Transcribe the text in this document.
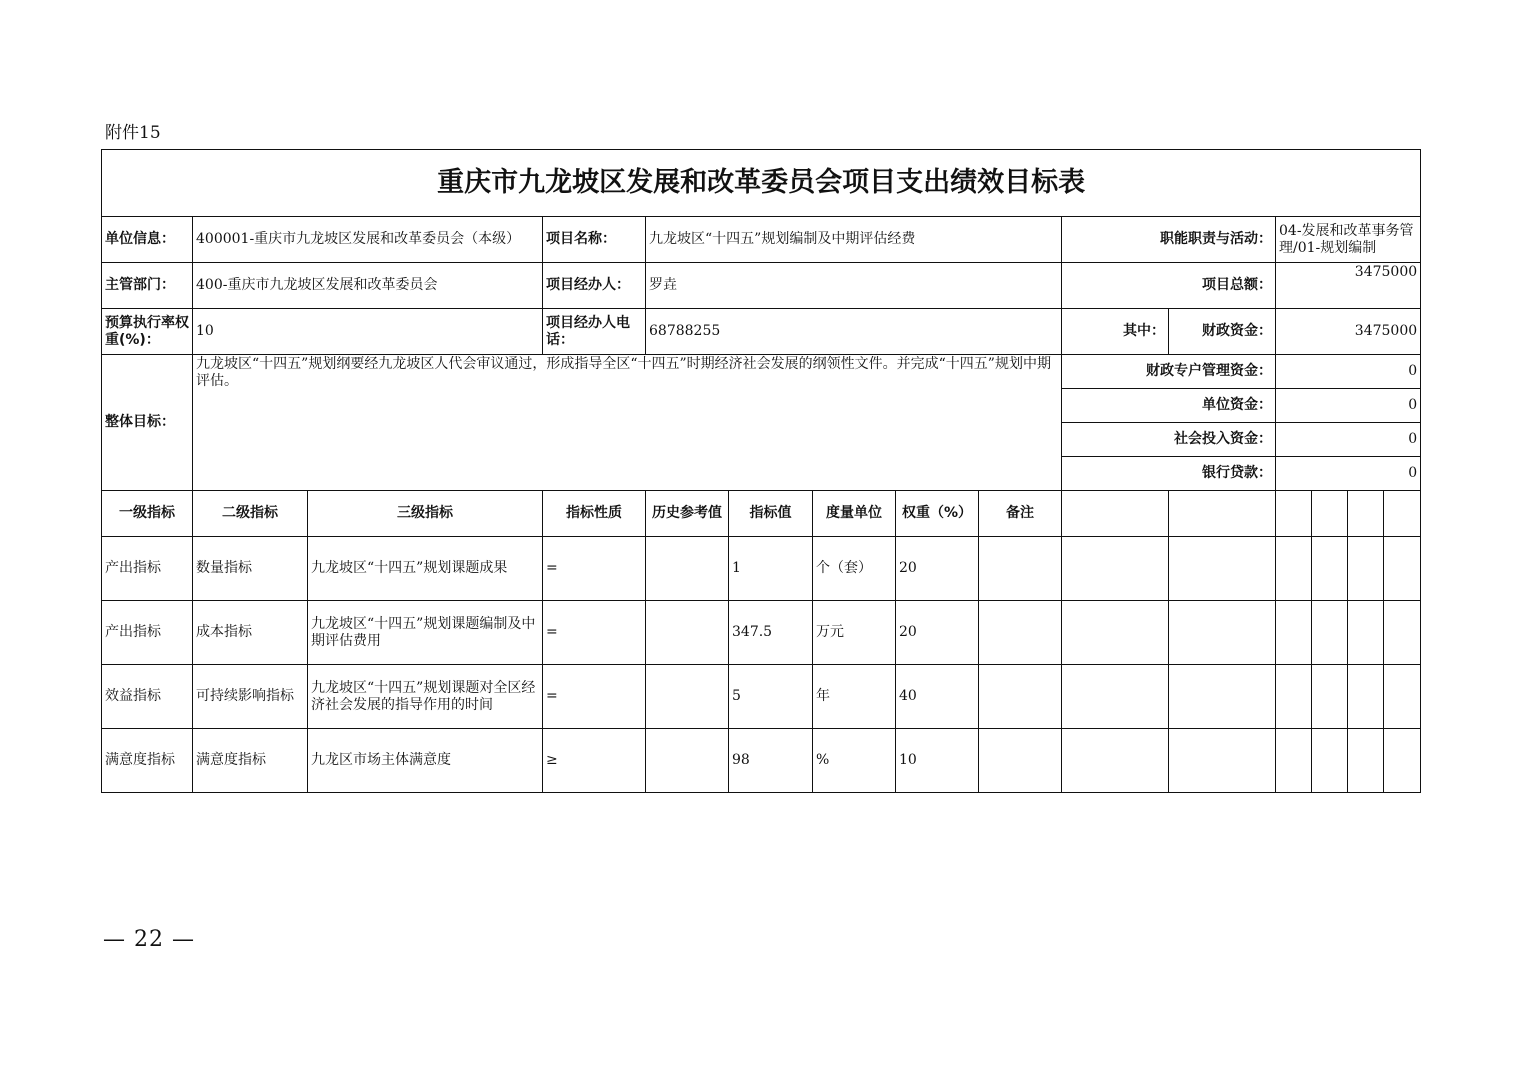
附件15
重庆市九龙坡区发展和改革委员会项目支出绩效目标表														
单位信息：	400001-重庆市九龙坡区发展和改革委员会（本级）		项目名称：	九龙坡区“十四五”规划编制及中期评估经费					职能职责与活动：		04-发展和改革事务管理/01-规划编制			
主管部门：	400-重庆市九龙坡区发展和改革委员会		项目经办人：	罗垚					项目总额：		3475000			
预算执行率权重(%)：	10		项目经办人电话：	68788255					其中：	财政资金：	3475000			
整体目标：	九龙坡区“十四五”规划纲要经九龙坡区人代会审议通过，形成指导全区“十四五”时期经济社会发展的纲领性文件。并完成“十四五”规划中期评估。								财政专户管理资金：		0			
									单位资金：		0			
									社会投入资金：		0			
									银行贷款：		0			
一级指标	二级指标	三级指标	指标性质	历史参考值	指标值	度量单位	权重（%）	备注						
产出指标	数量指标	九龙坡区“十四五”规划课题成果	=		1	个（套）	20							
产出指标	成本指标	九龙坡区“十四五”规划课题编制及中期评估费用	=		347.5	万元	20							
效益指标	可持续影响指标	九龙坡区“十四五”规划课题对全区经济社会发展的指导作用的时间	=		5	年	40							
满意度指标	满意度指标	九龙区市场主体满意度	≥		98	%	10							
— 22 —
